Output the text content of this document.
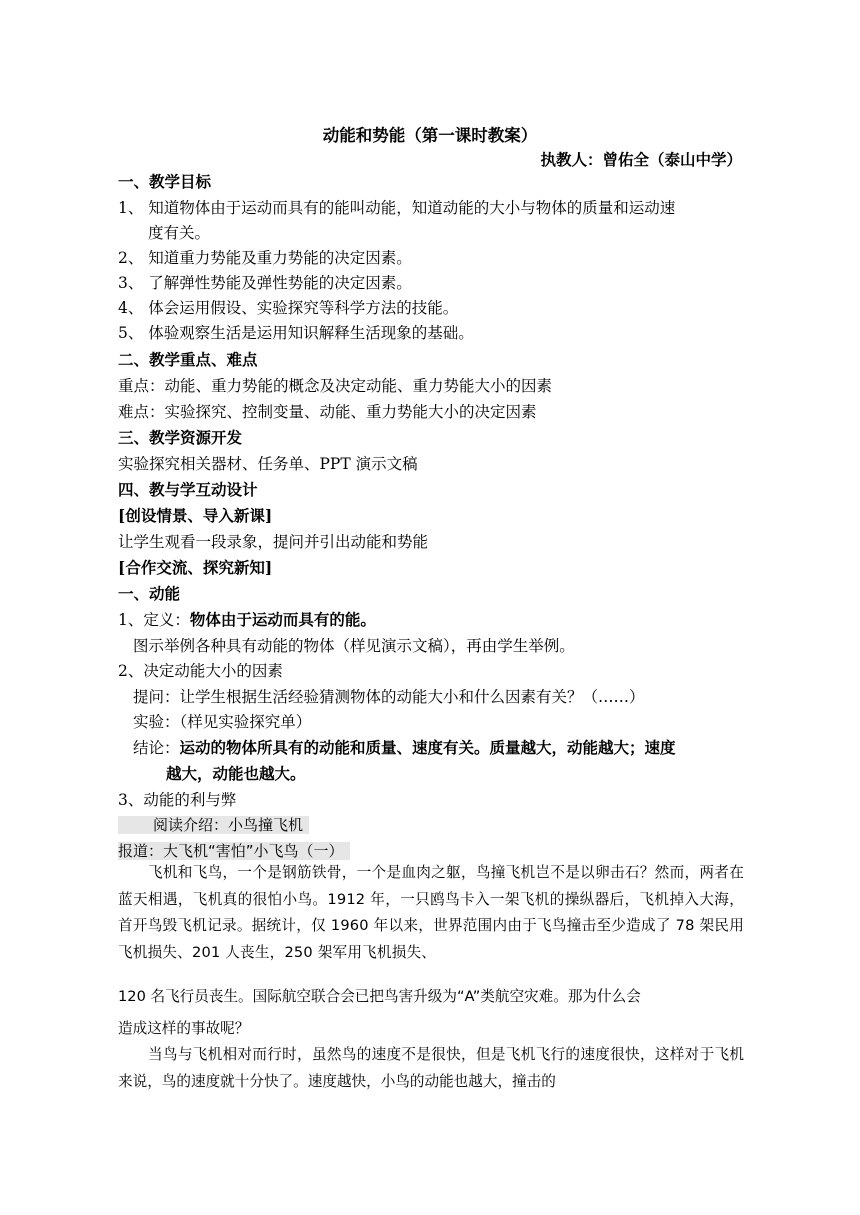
动能和势能（第一课时教案）
执教人：曾佑全（泰山中学）
一、教学目标
1、 知道物体由于运动而具有的能叫动能，知道动能的大小与物体的质量和运动速
度有关。
2、 知道重力势能及重力势能的决定因素。
3、 了解弹性势能及弹性势能的决定因素。
4、 体会运用假设、实验探究等科学方法的技能。
5、 体验观察生活是运用知识解释生活现象的基础。
二、教学重点、难点
重点：动能、重力势能的概念及决定动能、重力势能大小的因素
难点：实验探究、控制变量、动能、重力势能大小的决定因素
三、教学资源开发
实验探究相关器材、任务单、PPT 演示文稿
四、教与学互动设计
[创设情景、导入新课]
让学生观看一段录象，提问并引出动能和势能
[合作交流、探究新知]
一、动能
1、定义：物体由于运动而具有的能。
图示举例各种具有动能的物体（样见演示文稿），再由学生举例。
2、决定动能大小的因素
提问：让学生根据生活经验猜测物体的动能大小和什么因素有关？（……）
实验：（样见实验探究单）
结论：运动的物体所具有的动能和质量、速度有关。质量越大，动能越大；速度
越大，动能也越大。
3、动能的利与弊
阅读介绍：小鸟撞飞机
报道：大飞机“害怕”小飞鸟（一）
飞机和飞鸟，一个是钢筋铁骨，一个是血肉之躯，鸟撞飞机岂不是以卵击石？然而，两者在蓝天相遇，飞机真的很怕小鸟。1912 年，一只鸥鸟卡入一架飞机的操纵器后，飞机掉入大海，首开鸟毁飞机记录。据统计，仅 1960 年以来，世界范围内由于飞鸟撞击至少造成了 78 架民用飞机损失、201 人丧生，250 架军用飞机损失、
120 名飞行员丧生。国际航空联合会已把鸟害升级为“A”类航空灾难。那为什么会
造成这样的事故呢？
当鸟与飞机相对而行时，虽然鸟的速度不是很快，但是飞机飞行的速度很快，这样对于飞机来说，鸟的速度就十分快了。速度越快，小鸟的动能也越大，撞击的
